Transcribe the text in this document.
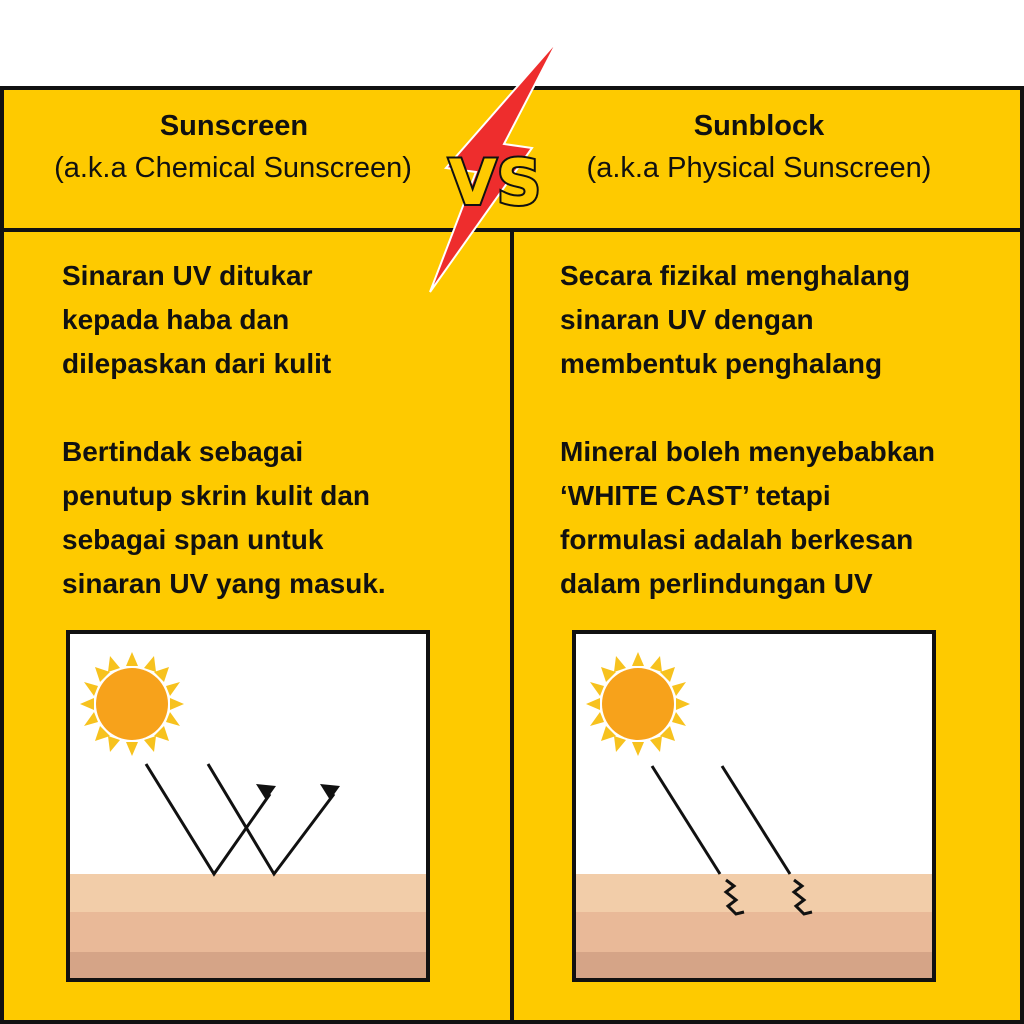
Sunscreen
(a.k.a Chemical Sunscreen)
Sunblock
(a.k.a Physical Sunscreen)

Sinaran UV ditukar
kepada haba dan
dilepaskan dari kulit

Bertindak sebagai
penutup skrin kulit dan
sebagai span untuk
sinaran UV yang masuk.

Secara fizikal menghalang
sinaran UV dengan
membentuk penghalang

Mineral boleh menyebabkan
‘WHITE CAST’ tetapi
formulasi adalah berkesan
dalam perlindungan UV

VS
